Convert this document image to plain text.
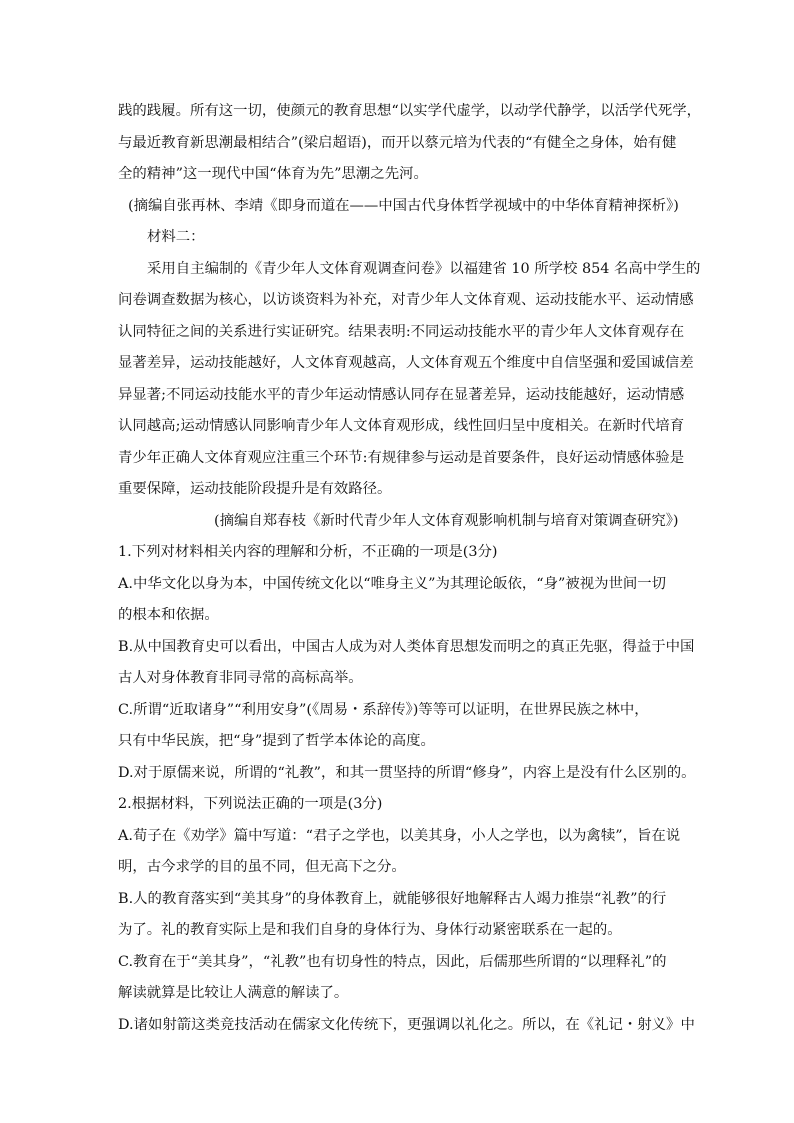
践的践履。所有这一切，使颜元的教育思想“以实学代虚学，以动学代静学，以活学代死学，
与最近教育新思潮最相结合”(梁启超语)，而开以蔡元培为代表的“有健全之身体，始有健
全的精神”这一现代中国“体育为先”思潮之先河。
(摘编自张再林、李靖《即身而道在——中国古代身体哲学视域中的中华体育精神探析》)
材料二：
采用自主编制的《青少年人文体育观调查问卷》以福建省 10 所学校 854 名高中学生的
问卷调查数据为核心，以访谈资料为补充，对青少年人文体育观、运动技能水平、运动情感
认同特征之间的关系进行实证研究。结果表明:不同运动技能水平的青少年人文体育观存在
显著差异，运动技能越好，人文体育观越高，人文体育观五个维度中自信坚强和爱国诚信差
异显著;不同运动技能水平的青少年运动情感认同存在显著差异，运动技能越好，运动情感
认同越高;运动情感认同影响青少年人文体育观形成，线性回归呈中度相关。在新时代培育
青少年正确人文体育观应注重三个环节:有规律参与运动是首要条件，良好运动情感体验是
重要保障，运动技能阶段提升是有效路径。
(摘编自郑春枝《新时代青少年人文体育观影响机制与培育对策调查研究》)
1.下列对材料相关内容的理解和分析，不正确的一项是(3分)
A.中华文化以身为本，中国传统文化以“唯身主义”为其理论皈依，“身”被视为世间一切
的根本和依据。
B.从中国教育史可以看出，中国古人成为对人类体育思想发而明之的真正先驱，得益于中国
古人对身体教育非同寻常的高标高举。
C.所谓“近取诸身”“利用安身”(《周易・系辞传》)等等可以证明，在世界民族之林中，
只有中华民族，把“身”提到了哲学本体论的高度。
D.对于原儒来说，所谓的“礼教”，和其一贯坚持的所谓“修身”，内容上是没有什么区别的。
2.根据材料，下列说法正确的一项是(3分)
A.荀子在《劝学》篇中写道：“君子之学也，以美其身，小人之学也，以为禽犊”，旨在说
明，古今求学的目的虽不同，但无高下之分。
B.人的教育落实到“美其身”的身体教育上，就能够很好地解释古人竭力推崇“礼教”的行
为了。礼的教育实际上是和我们自身的身体行为、身体行动紧密联系在一起的。
C.教育在于“美其身”，“礼教”也有切身性的特点，因此，后儒那些所谓的“以理释礼”的
解读就算是比较让人满意的解读了。
D.诸如射箭这类竞技活动在儒家文化传统下，更强调以礼化之。所以，在《礼记・射义》中
